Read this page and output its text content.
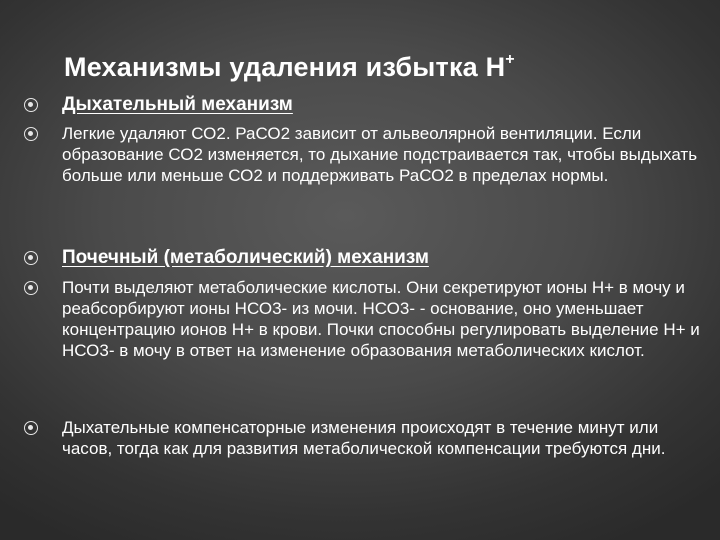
Механизмы удаления избытка Н+
Дыхательный механизм
Легкие удаляют СО2. РаСО2 зависит от альвеолярной вентиляции. Если образование СО2 изменяется, то дыхание подстраивается так, чтобы выдыхать больше или меньше СО2 и поддерживать РаСО2 в пределах нормы.
Почечный (метаболический) механизм
Почти выделяют метаболические кислоты. Они секретируют ионы Н+ в мочу и реабсорбируют ионы НСО3- из мочи. НСО3- - основание, оно уменьшает концентрацию ионов Н+ в крови. Почки способны регулировать выделение Н+ и НСО3- в мочу в ответ на изменение образования метаболических кислот.
Дыхательные компенсаторные изменения происходят в течение минут или часов, тогда как для развития метаболической компенсации требуются дни.
